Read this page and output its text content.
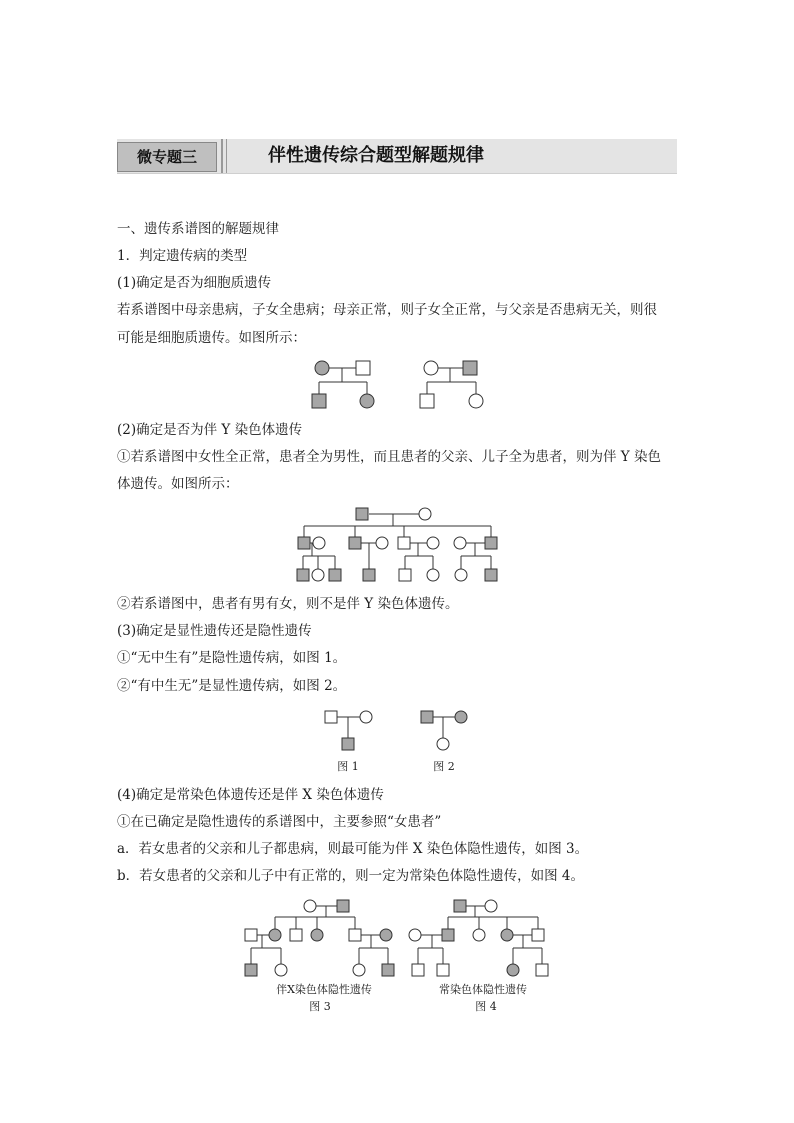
微专题三	伴性遗传综合题型解题规律
一、遗传系谱图的解题规律
1．判定遗传病的类型
(1)确定是否为细胞质遗传
若系谱图中母亲患病，子女全患病；母亲正常，则子女全正常，与父亲是否患病无关，则很
可能是细胞质遗传。如图所示：
(2)确定是否为伴 Y 染色体遗传
①若系谱图中女性全正常，患者全为男性，而且患者的父亲、儿子全为患者，则为伴 Y 染色
体遗传。如图所示：
②若系谱图中，患者有男有女，则不是伴 Y 染色体遗传。
(3)确定是显性遗传还是隐性遗传
①“无中生有”是隐性遗传病，如图 1。
②“有中生无”是显性遗传病，如图 2。
图 1	图 2
(4)确定是常染色体遗传还是伴 X 染色体遗传
①在已确定是隐性遗传的系谱图中，主要参照“女患者”
a．若女患者的父亲和儿子都患病，则最可能为伴 X 染色体隐性遗传，如图 3。
b．若女患者的父亲和儿子中有正常的，则一定为常染色体隐性遗传，如图 4。
伴X染色体隐性遗传
图 3
常染色体隐性遗传
图 4
